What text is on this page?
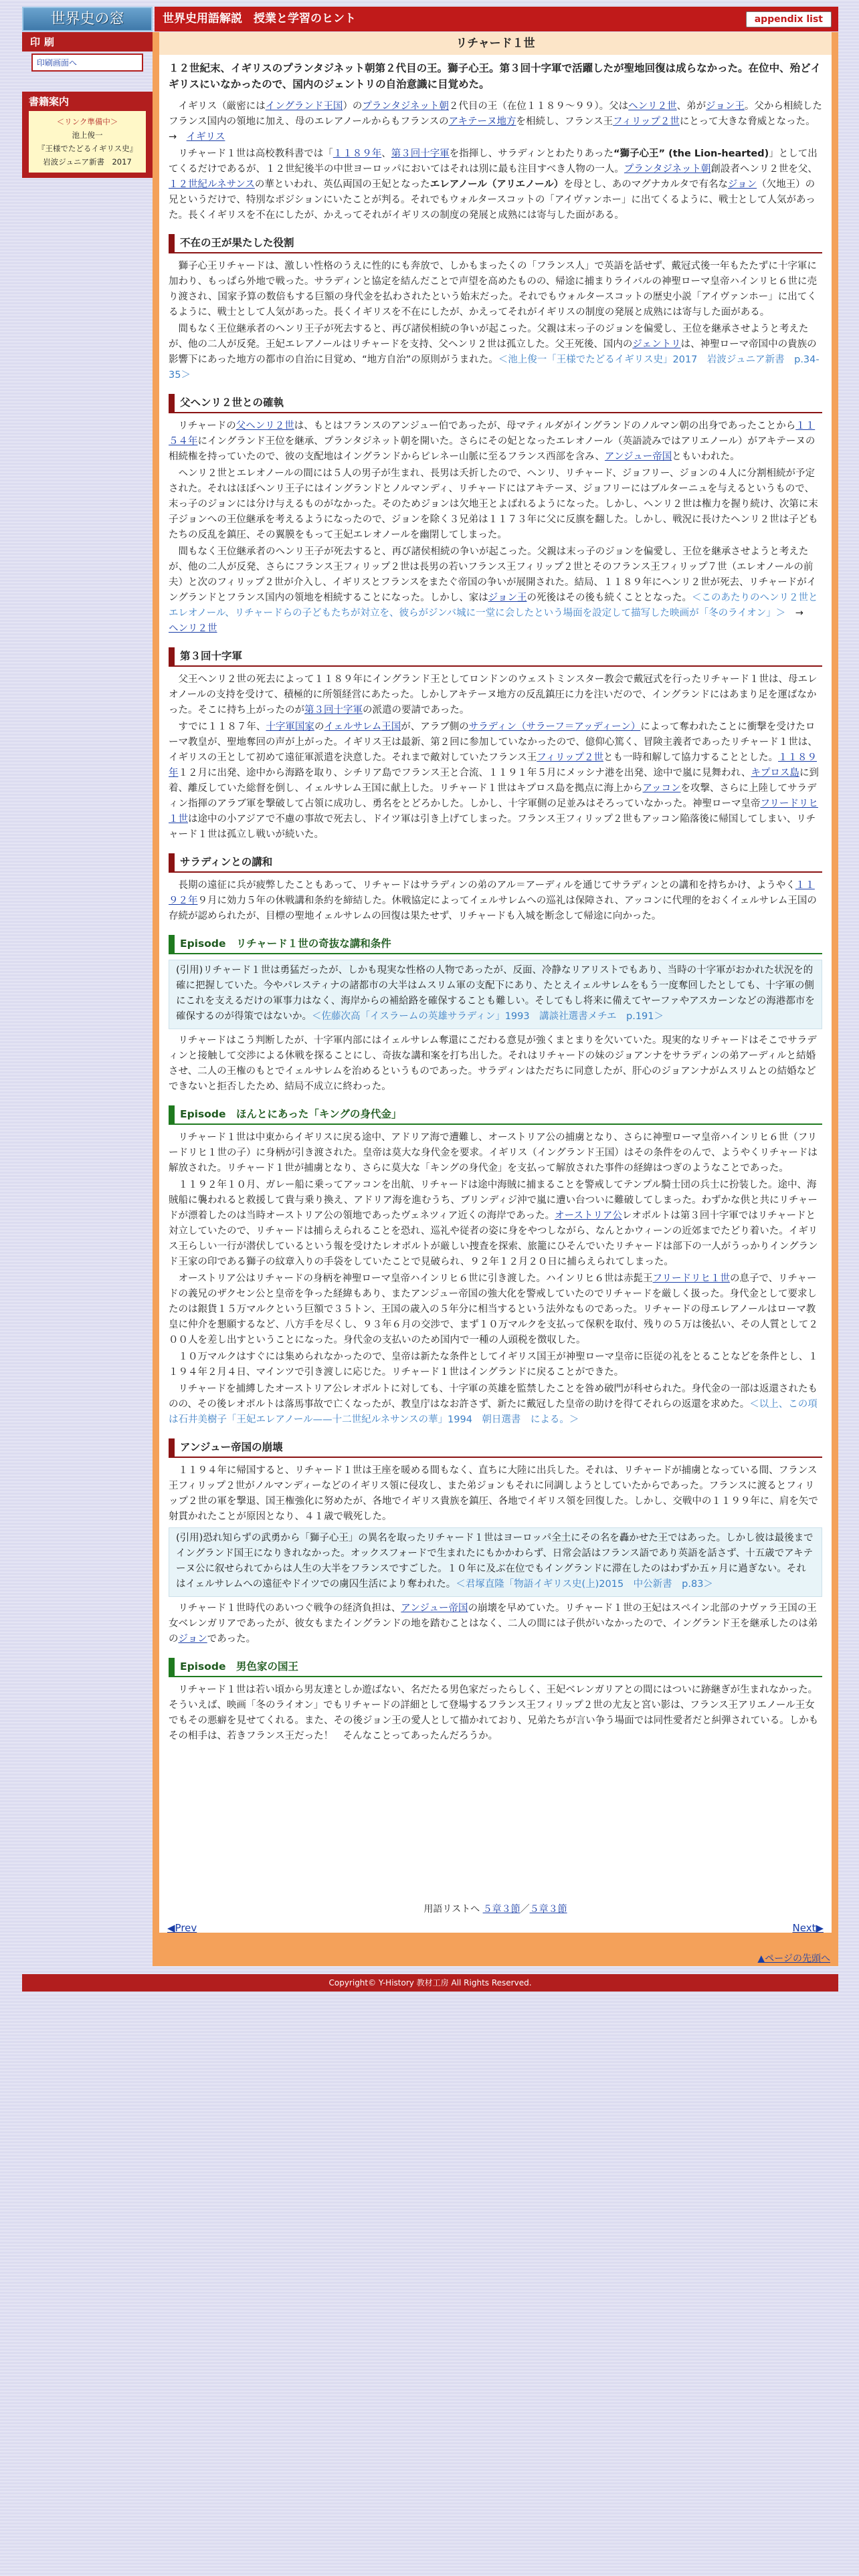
世界史の窓	世界史用語解説　授業と学習のヒント	appendix list
印刷
印刷画面へ
書籍案内
＜リンク準備中＞
池上俊一
『王様でたどるイギリス史』
岩波ジュニア新書　2017
リチャード１世

１２世紀末、イギリスのプランタジネット朝第２代目の王。獅子心王。第３回十字軍で活躍したが聖地回復は成らなかった。在位中、殆どイギリスにいなかったので、国内のジェントリの自治意識に目覚めた。

イギリス（厳密にはイングランド王国）のプランタジネット朝２代目の王（在位１１８９～９９）。父はヘンリ２世、弟がジョン王。父から相続したフランス国内の領地に加え、母のエレアノールからもフランスのアキテーヌ地方を相続し、フランス王フィリップ２世にとって大きな脅威となった。　→　イギリス

リチャード１世は高校教科書では「１１８９年、第３回十字軍を指揮し、サラディンとわたりあった“獅子心王” (the Lion-hearted)」として出てくるだけであるが、１２世紀後半の中世ヨーロッパにおいてはそれは別に最も注目すべき人物の一人。プランタジネット朝創設者ヘンリ２世を父、１２世紀ルネサンスの華といわれ、英仏両国の王妃となったエレアノール（アリエノール）を母とし、あのマグナカルタで有名なジョン（欠地王）の兄というだけで、特別なポジションにいたことが判る。それでもウォルタースコットの「アイヴァンホー」に出てくるように、戦士として人気があった。長くイギリスを不在にしたが、かえってそれがイギリスの制度の発展と成熟には寄与した面がある。

不在の王が果たした役割

獅子心王リチャードは、激しい性格のうえに性的にも奔放で、しかもまったくの「フランス人」で英語を話せず、戴冠式後一年もたたずに十字軍に加わり、もっぱら外地で戦った。サラディンと協定を結んだことで声望を高めたものの、帰途に捕まりライバルの神聖ローマ皇帝ハインリヒ６世に売り渡され、国家予算の数倍もする巨額の身代金を払わされたという始末だった。それでもウォルタースコットの歴史小説「アイヴァンホー」に出てくるように、戦士として人気があった。長くイギリスを不在にしたが、かえってそれがイギリスの制度の発展と成熟には寄与した面がある。

間もなく王位継承者のヘンリ王子が死去すると、再び諸侯相続の争いが起こった。父親は末っ子のジョンを偏愛し、王位を継承させようと考えたが、他の二人が反発。王妃エレアノールはリチャードを支持、父ヘンリ２世は孤立した。父王死後、国内のジェントリは、神聖ローマ帝国中の貴族の影響下にあった地方の都市の自治に目覚め、“地方自治”の原則がうまれた。＜池上俊一「王様でたどるイギリス史」2017　岩波ジュニア新書　p.34-35＞

父ヘンリ２世との確執

リチャードの父ヘンリ２世は、もとはフランスのアンジュー伯であったが、母マティルダがイングランドのノルマン朝の出身であったことから１１５４年にイングランド王位を継承、プランタジネット朝を開いた。さらにその妃となったエレオノール（英語読みではアリエノール）がアキテーヌの相続権を持っていたので、彼の支配地はイングランドからピレネー山脈に至るフランス西部を含み、アンジュー帝国ともいわれた。

ヘンリ２世とエレオノールの間には５人の男子が生まれ、長男は夭折したので、ヘンリ、リチャード、ジョフリー、ジョンの４人に分割相続が予定された。それはほぼヘンリ王子にはイングランドとノルマンディ、リチャードにはアキテーヌ、ジョフリーにはブルターニュを与えるというもので、末っ子のジョンには分け与えるものがなかった。そのためジョンは欠地王とよばれるようになった。しかし、ヘンリ２世は権力を握り続け、次第に末子ジョンへの王位継承を考えるようになったので、ジョンを除く３兄弟は１１７３年に父に反旗を翻した。しかし、戦況に長けたヘンリ２世は子どもたちの反乱を鎮圧、その翼膜をもって王妃エレオノールを幽閉してしまった。

間もなく王位継承者のヘンリ王子が死去すると、再び諸侯相続の争いが起こった。父親は末っ子のジョンを偏愛し、王位を継承させようと考えたが、他の二人が反発、さらにフランス王フィリップ２世は長男の若いフランス王フィリップ２世とそのフランス王フィリップ７世（エレオノールの前夫）と次のフィリップ２世が介入し、イギリスとフランスをまたぐ帝国の争いが展開された。結局、１１８９年にヘンリ２世が死去、リチャードがイングランドとフランス国内の領地を相続することになった。しかし、家はジョン王の死後はその後も続くこととなった。＜このあたりのヘンリ２世とエレオノール、リチャードらの子どもたちが対立を、彼らがジンバ城に一堂に会したという場面を設定して描写した映画が「冬のライオン」＞　→　ヘンリ２世

第３回十字軍

父王ヘンリ２世の死去によって１１８９年にイングランド王としてロンドンのウェストミンスター教会で戴冠式を行ったリチャード１世は、母エレオノールの支持を受けて、積極的に所領経営にあたった。しかしアキテーヌ地方の反乱鎮圧に力を注いだので、イングランドにはあまり足を運ばなかった。そこに持ち上がったのが第３回十字軍の派遣の要請であった。

すでに１１８７年、十字軍国家のイェルサレム王国が、アラブ側のサラディン（サラーフ＝アッディーン）によって奪われたことに衝撃を受けたローマ教皇が、聖地奪回の声が上がった。イギリス王は最新、第２回に参加していなかったので、億仰心篤く、冒険主義者であったリチャード１世は、イギリスの王として初めて遠征軍派遣を決意した。それまで敵対していたフランス王フィリップ２世とも一時和解して協力することとした。１１８９年１２月に出発、途中から海路を取り、シチリア島でフランス王と合流、１１９１年５月にメッシナ港を出発、途中で嵐に見舞われ、キプロス島に到着、離反していた総督を倒し、イェルサレム王国に献上した。リチャード１世はキプロス島を拠点に海上からアッコンを攻撃、さらに上陸してサラディン指揮のアラブ軍を撃破して占領に成功し、勇名をとどろかした。しかし、十字軍側の足並みはそろっていなかった。神聖ローマ皇帝フリードリヒ１世は途中の小アジアで不慮の事故で死去し、ドイツ軍は引き上げてしまった。フランス王フィリップ２世もアッコン陥落後に帰国してしまい、リチャード１世は孤立し戦いが続いた。

サラディンとの講和

長期の遠征に兵が疲弊したこともあって、リチャードはサラディンの弟のアル＝アーディルを通じてサラディンとの講和を持ちかけ、ようやく１１９２年９月に効力５年の休戦講和条約を締結した。休戦協定によってイェルサレムへの巡礼は保障され、アッコンに代理的をおくイェルサレム王国の存続が認められたが、目標の聖地イェルサレムの回復は果たせず、リチャードも入城を断念して帰途に向かった。

Episode　リチャード１世の奇抜な講和条件

(引用)リチャード１世は勇猛だったが、しかも現実な性格の人物であったが、反面、冷静なリアリストでもあり、当時の十字軍がおかれた状況を的確に把握していた。今やパレスティナの諸都市の大半はムスリム軍の支配下にあり、たとえイェルサレムをもう一度奪回したとしても、十字軍の側にこれを支えるだけの軍事力はなく、海岸からの補給路を確保することも難しい。そしてもし将来に備えてヤーファやアスカーンなどの海港都市を確保するのが得策ではないか。＜佐藤次高「イスラームの英雄サラディン」1993　講談社選書メチエ　p.191＞

リチャードはこう判断したが、十字軍内部にはイェルサレム奪還にこだわる意見が強くまとまりを欠いていた。現実的なリチャードはそこでサラディンと接触して交渉による休戦を探ることにし、奇抜な講和案を打ち出した。それはリチャードの妹のジョアンナをサラディンの弟アーディルと結婚させ、二人の王権のもとでイェルサレムを治めるというものであった。サラディンはただちに同意したが、肝心のジョアンナがムスリムとの結婚などできないと拒否したため、結局不成立に終わった。

Episode　ほんとにあった「キングの身代金」

リチャード１世は中東からイギリスに戻る途中、アドリア海で遭難し、オーストリア公の捕虜となり、さらに神聖ローマ皇帝ハインリヒ６世（フリードリヒ１世の子）に身柄が引き渡された。皇帝は莫大な身代金を要求。イギリス（イングランド王国）はその条件をのんで、ようやくリチャードは解放された。リチャード１世が捕虜となり、さらに莫大な「キングの身代金」を支払って解放された事件の経緯はつぎのようなことであった。

１１９２年１０月、ガレー船に乗ってアッコンを出航、リチャードは途中海賊に捕まることを警戒してテンプル騎士団の兵士に扮装した。途中、海賊船に襲われると救援して貴与乗り換え、アドリア海を進むうち、ブリンディジ沖で嵐に遭い台ついに難破してしまった。わずかな供と共にリチャードが漂着したのは当時オーストリア公の領地であったヴェネツィア近くの海岸であった。オーストリア公レオポルトは第３回十字軍ではリチャードと対立していたので、リチャードは捕らえられることを恐れ、巡礼や従者の姿に身をやつしながら、なんとかウィーンの近郊までたどり着いた。イギリス王らしい一行が潜伏しているという報を受けたレオポルトが厳しい捜査を探索、旅籠にひそんでいたリチャードは部下の一人がうっかりイングランド王家の印である獅子の紋章入りの手袋をしていたことで見破られ、９２年１２月２０日に捕らえられてしまった。

オーストリア公はリチャードの身柄を神聖ローマ皇帝ハインリヒ６世に引き渡した。ハインリヒ６世は赤髭王フリードリヒ１世の息子で、リチャードの義兄のザクセン公と皇帝を争った経緯もあり、またアンジュー帝国の強大化を警戒していたのでリチャードを厳しく扱った。身代金として要求したのは銀貨１５万マルクという巨額で３５トン、王国の歳入の５年分に相当するという法外なものであった。リチャードの母エレアノールはローマ教皇に仲介を懇願するなど、八方手を尽くし、９３年６月の交渉で、まず１０万マルクを支払って保釈を取付、残りの５万は後払い、その人質として２００人を差し出すということになった。身代金の支払いのため国内で一種の人頭税を徴収した。

１０万マルクはすぐには集められなかったので、皇帝は新たな条件としてイギリス国王が神聖ローマ皇帝に臣従の礼をとることなどを条件とし、１１９４年２月４日、マインツで引き渡しに応じた。リチャード１世はイングランドに戻ることができた。

リチャードを捕縛したオーストリア公レオポルトに対しても、十字軍の英雄を監禁したことを咎め破門が科せられた。身代金の一部は返還されたものの、その後レオポルトは落馬事故で亡くなったが、教皇庁はなお許さず、新たに戴冠した皇帝の助けを得てそれらの返還を求めた。＜以上、この項は石井美樹子「王妃エレアノール——十二世紀ルネサンスの華」1994　朝日選書　による。＞

アンジュー帝国の崩壊

１１９４年に帰国すると、リチャード１世は王座を暖める間もなく、直ちに大陸に出兵した。それは、リチャードが捕虜となっている間、フランス王フィリップ２世がノルマンディーなどのイギリス領に侵攻し、また弟ジョンもそれに同調しようとしていたからであった。フランスに渡るとフィリップ２世の軍を撃退、国王権強化に努めたが、各地でイギリス貴族を鎮圧、各地でイギリス領を回復した。しかし、交戦中の１１９９年に、肩を矢で射貫かれたことが原因となり、４１歳で戦死した。

(引用)恐れ知らずの武勇から「獅子心王」の異名を取ったリチャード１世はヨーロッパ全土にその名を轟かせた王ではあった。しかし彼は最後までイングランド国王になりきれなかった。オックスフォードで生まれたにもかかわらず、日常会話はフランス語であり英語を話さず、十五歳でアキテーヌ公に叙せられてからは人生の大半をフランスですごした。１０年に及ぶ在位でもイングランドに滞在したのはわずか五ヶ月に過ぎない。それはイェルサレムへの遠征やドイツでの虜囚生活により奪われた。＜君塚直隆「物語イギリス史(上)2015　中公新書　p.83＞

リチャード１世時代のあいつぐ戦争の経済負担は、アンジュー帝国の崩壊を早めていた。リチャード１世の王妃はスペイン北部のナヴァラ王国の王女ベレンガリアであったが、彼女もまたイングランドの地を踏むことはなく、二人の間には子供がいなかったので、イングランド王を継承したのは弟のジョンであった。

Episode　男色家の国王

リチャード１世は若い頃から男友達としか遊ばない、名だたる男色家だったらしく、王妃ベレンガリアとの間にはついに跡継ぎが生まれなかった。そういえば、映画「冬のライオン」でもリチャードの詳細として登場するフランス王フィリップ２世の尤友と宮い影は、フランス王アリエノール王女でもその悪癖を見せてくれる。また、その後ジョン王の愛人として描かれており、兄弟たちが言い争う場面では同性愛者だと糾弾されている。しかもその相手は、若きフランス王だった！　そんなことってあったんだろうか。

用語リストへ ５章３節／５章３節
◀Prev	Next▶
▲ページの先頭へ
Copyright© Y-History 教材工房 All Rights Reserved.
